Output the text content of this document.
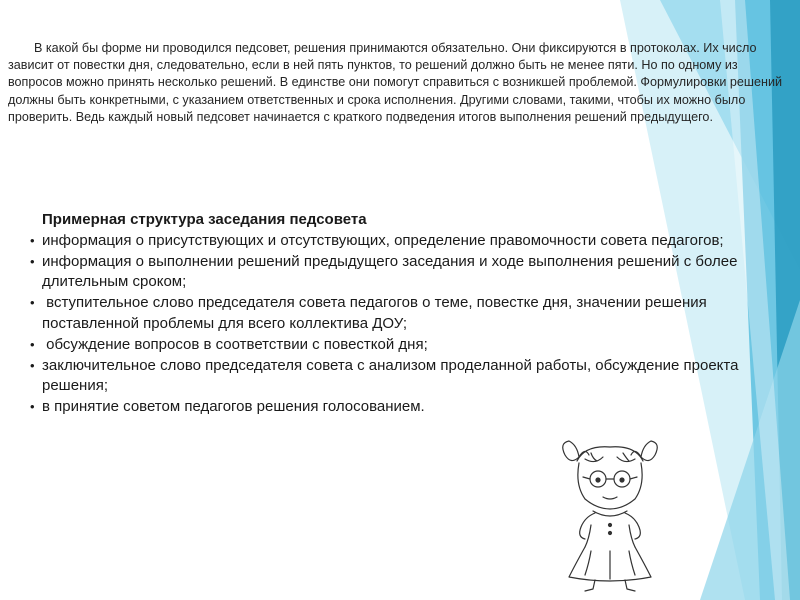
В какой бы форме ни проводился педсовет, решения принимаются обязательно. Они фиксируются в протоколах. Их число зависит от повестки дня, следовательно, если в ней пять пунктов, то решений должно быть не менее пяти. Но по одному из вопросов можно принять несколько решений. В единстве они помогут справиться с возникшей проблемой. Формулировки решений должны быть конкретными, с указанием ответственных и срока исполнения. Другими словами, такими, чтобы их можно было проверить. Ведь каждый новый педсовет начинается с краткого подведения итогов выполнения решений предыдущего.

Примерная структура заседания педсовета

• информация о присутствующих и отсутствующих, определение правомочности совета педагогов;
• информация о выполнении решений предыдущего заседания и ходе выполнения решений с более длительным сроком;
• вступительное слово председателя совета педагогов о теме, повестке дня, значении решения поставленной проблемы для всего коллектива ДОУ;
• обсуждение вопросов в соответствии с повесткой дня;
• заключительное слово председателя совета с анализом проделанной работы, обсуждение проекта решения;
• в принятие советом педагогов решения голосованием.
